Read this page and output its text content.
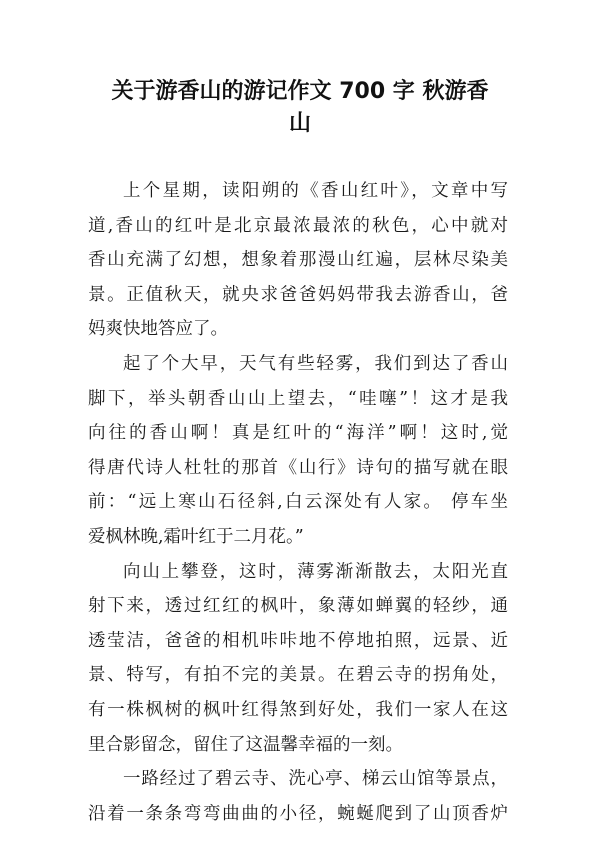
关于游香山的游记作文 700 字 秋游香
山

上个星期，读阳朔的《香山红叶》，文章中写
道,香山的红叶是北京最浓最浓的秋色，心中就对
香山充满了幻想，想象着那漫山红遍，层林尽染美
景。正值秋天，就央求爸爸妈妈带我去游香山，爸
妈爽快地答应了。

起了个大早，天气有些轻雾，我们到达了香山
脚下，举头朝香山山上望去，“哇噻”！这才是我
向往的香山啊！真是红叶的“海洋”啊！这时,觉
得唐代诗人杜牡的那首《山行》诗句的描写就在眼
前：“远上寒山石径斜,白云深处有人家。 停车坐
爱枫林晚,霜叶红于二月花。”

向山上攀登，这时，薄雾渐渐散去，太阳光直
射下来，透过红红的枫叶，象薄如蝉翼的轻纱，通
透莹洁，爸爸的相机咔咔地不停地拍照，远景、近
景、特写，有拍不完的美景。在碧云寺的拐角处，
有一株枫树的枫叶红得煞到好处，我们一家人在这
里合影留念，留住了这温馨幸福的一刻。

一路经过了碧云寺、洗心亭、梯云山馆等景点，
沿着一条条弯弯曲曲的小径，蜿蜒爬到了山顶香炉
